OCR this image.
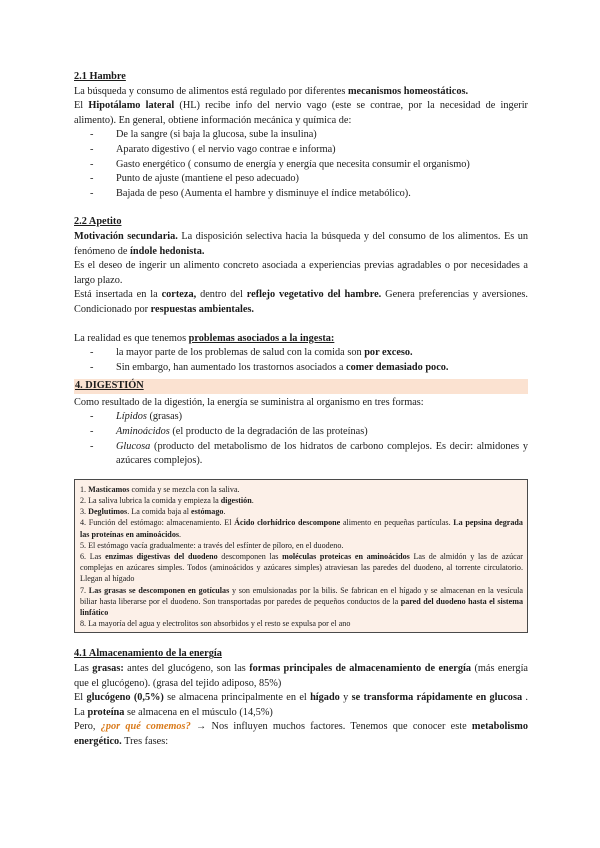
2.1 Hambre

La búsqueda y consumo de alimentos está regulado por diferentes mecanismos homeostáticos.

El Hipotálamo lateral (HL) recibe info del nervio vago (este se contrae, por la necesidad de ingerir alimento). En general, obtiene información mecánica y química de:

- De la sangre (si baja la glucosa, sube la insulina)
- Aparato digestivo ( el nervio vago contrae e informa)
- Gasto energético ( consumo de energía y energía que necesita consumir el organismo)
- Punto de ajuste (mantiene el peso adecuado)
- Bajada de peso (Aumenta el hambre y disminuye el índice metabólico).

2.2 Apetito

Motivación secundaria. La disposición selectiva hacia la búsqueda y del consumo de los alimentos. Es un fenómeno de índole hedonista.

Es el deseo de ingerir un alimento concreto asociada a experiencias previas agradables o por necesidades a largo plazo.

Está insertada en la corteza, dentro del reflejo vegetativo del hambre. Genera preferencias y aversiones. Condicionado por respuestas ambientales.

La realidad es que tenemos problemas asociados a la ingesta:

- la mayor parte de los problemas de salud con la comida son por exceso.
- Sin embargo, han aumentado los trastornos asociados a comer demasiado poco.
4. DIGESTIÓN

Como resultado de la digestión, la energía se suministra al organismo en tres formas:

- Lípidos (grasas)
- Aminoácidos (el producto de la degradación de las proteínas)
- Glucosa (producto del metabolismo de los hidratos de carbono complejos. Es decir: almidones y azúcares complejos).
1. Masticamos comida y se mezcla con la saliva.
2. La saliva lubrica la comida y empieza la digestión.
3. Deglutimos. La comida baja al estómago.
4. Función del estómago: almacenamiento. El Ácido clorhídrico descompone alimento en pequeñas partículas. La pepsina degrada las proteínas en aminoácidos.
5. El estómago vacía gradualmente: a través del esfínter de píloro, en el duodeno.
6. Las enzimas digestivas del duodeno descomponen las moléculas proteicas en aminoácidos Las de almidón y las de azúcar complejas en azúcares simples. Todos (aminoácidos y azúcares simples) atraviesan las paredes del duodeno, al torrente circulatorio. Llegan al hígado
7. Las grasas se descomponen en gotículas y son emulsionadas por la bilis. Se fabrican en el hígado y se almacenan en la vesícula biliar hasta liberarse por el duodeno. Son transportadas por paredes de pequeños conductos de la pared del duodeno hasta el sistema linfático
8. La mayoría del agua y electrolitos son absorbidos y el resto se expulsa por el ano

4.1 Almacenamiento de la energía

Las grasas: antes del glucógeno, son las formas principales de almacenamiento de energía (más energía que el glucógeno). (grasa del tejido adiposo, 85%)

El glucógeno (0,5%) se almacena principalmente en el hígado y se transforma rápidamente en glucosa . La proteína se almacena en el músculo (14,5%)

Pero, ¿por qué comemos? → Nos influyen muchos factores. Tenemos que conocer este metabolismo energético. Tres fases:
